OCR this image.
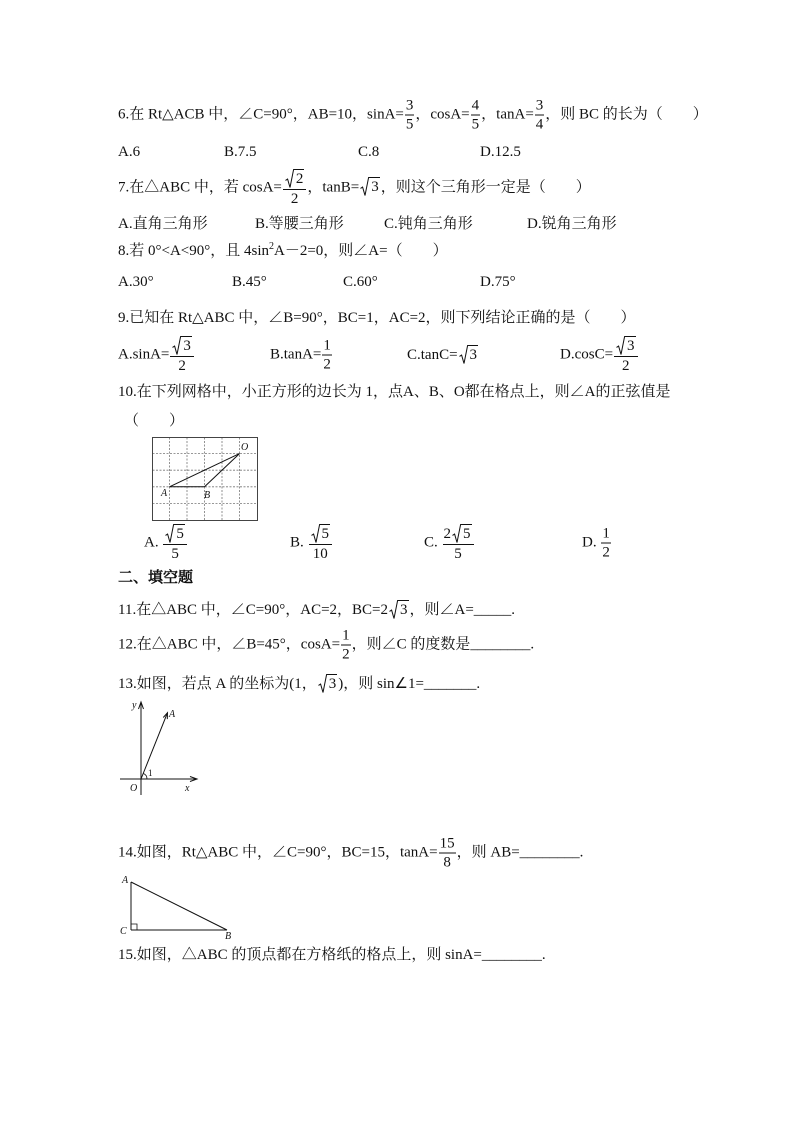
6.在 Rt△ACB 中，∠C=90°，AB=10，$\sin A= \frac{3}{5}$ ，$\cos A= \frac{4}{5}$ ，$\tan A= \frac{3}{4}$ ，则 BC 的长为（　　）
A.6	B.7.5	C.8	D.12.5
7.在△ABC 中，若 $\cos A= \frac{2}{2}$ ，tanB= 3 ，则这个三角形一定是（　　）
A.直角三角形	B.等腰三角形	C.钝角三角形	D.锐角三角形
8.若 0°<A<90°，且 $4\sin^2A-2=0$，则∠A=（　　）
A.30°	B.45°	C.60°	D.75°
9.已知在 Rt△ABC 中，∠B=90°，BC=1，AC=2，则下列结论正确的是（　　）
$A.\sin A= \frac{3}{2}$	$B.\tan A= \frac{1}{2}$	C.tanC= 3	$D.\cos C= \frac{3}{2}$
10.在下列网格中，小正方形的边长为 1，点A、B、O都在格点上，则∠A的正弦值是
（　　）
A	B
O
A. $\frac{5}{5}$	B. $\frac{5}{10}$	C. $\frac{2 5}{5}$	D. $\frac{1}{2}$
二、填空题
11.在△ABC 中，∠C=90°，AC=2，BC=2 3 ，则∠A=_____.
12.在△ABC 中，∠B=45°，$\cos A= \frac{1}{2}$ ，则∠C 的度数是________.
13.如图，若点 A 的坐标为(1， 3 )，则 sin∠1=_______.
y
x
O
A
1
14.如图，Rt△ABC 中，∠C=90°，BC=15，$\tan A= \frac{15}{8}$ ，则 AB=________.
A
C	B
15.如图，△ABC 的顶点都在方格纸的格点上，则 sinA=________.
